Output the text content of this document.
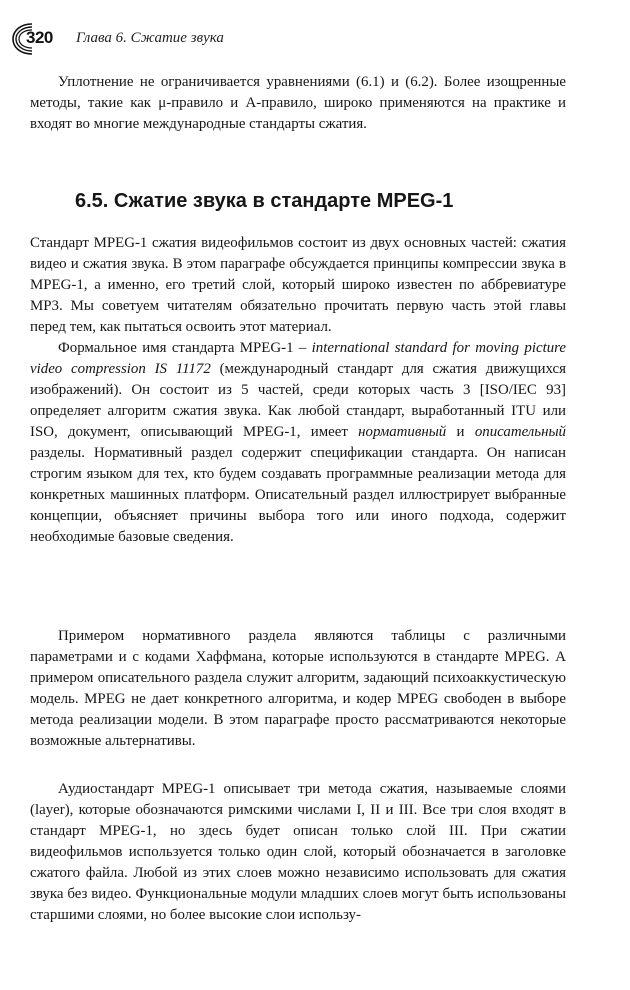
320 Глава 6. Сжатие звука

Уплотнение не ограничивается уравнениями (6.1) и (6.2). Более изощренные методы, такие как μ-правило и A-правило, широко применяются на практике и входят во многие международные стандарты сжатия.

6.5. Сжатие звука в стандарте MPEG-1

Стандарт MPEG-1 сжатия видеофильмов состоит из двух основных частей: сжатия видео и сжатия звука. В этом параграфе обсуждается принципы компрессии звука в MPEG-1, а именно, его третий слой, который широко известен по аббревиатуре MP3. Мы советуем читателям обязательно прочитать первую часть этой главы перед тем, как пытаться освоить этот материал.

Формальное имя стандарта MPEG-1 – international standard for moving picture video compression IS 11172 (международный стандарт для сжатия движущихся изображений). Он состоит из 5 частей, среди которых часть 3 [ISO/IEC 93] определяет алгоритм сжатия звука. Как любой стандарт, выработанный ITU или ISO, документ, описывающий MPEG-1, имеет нормативный и описательный разделы. Нормативный раздел содержит спецификации стандарта. Он написан строгим языком для тех, кто будем создавать программные реализации метода для конкретных машинных платформ. Описательный раздел иллюстрирует выбранные концепции, объясняет причины выбора того или иного подхода, содержит необходимые базовые сведения.

Примером нормативного раздела являются таблицы с различными параметрами и с кодами Хаффмана, которые используются в стандарте MPEG. А примером описательного раздела служит алгоритм, задающий психоаккустическую модель. MPEG не дает конкретного алгоритма, и кодер MPEG свободен в выборе метода реализации модели. В этом параграфе просто рассматриваются некоторые возможные альтернативы.

Аудиостандарт MPEG-1 описывает три метода сжатия, называемые слоями (layer), которые обозначаются римскими числами I, II и III. Все три слоя входят в стандарт MPEG-1, но здесь будет описан только слой III. При сжатии видеофильмов используется только один слой, который обозначается в заголовке сжатого файла. Любой из этих слоев можно независимо использовать для сжатия звука без видео. Функциональные модули младших слоев могут быть использованы старшими слоями, но более высокие слои использу-
